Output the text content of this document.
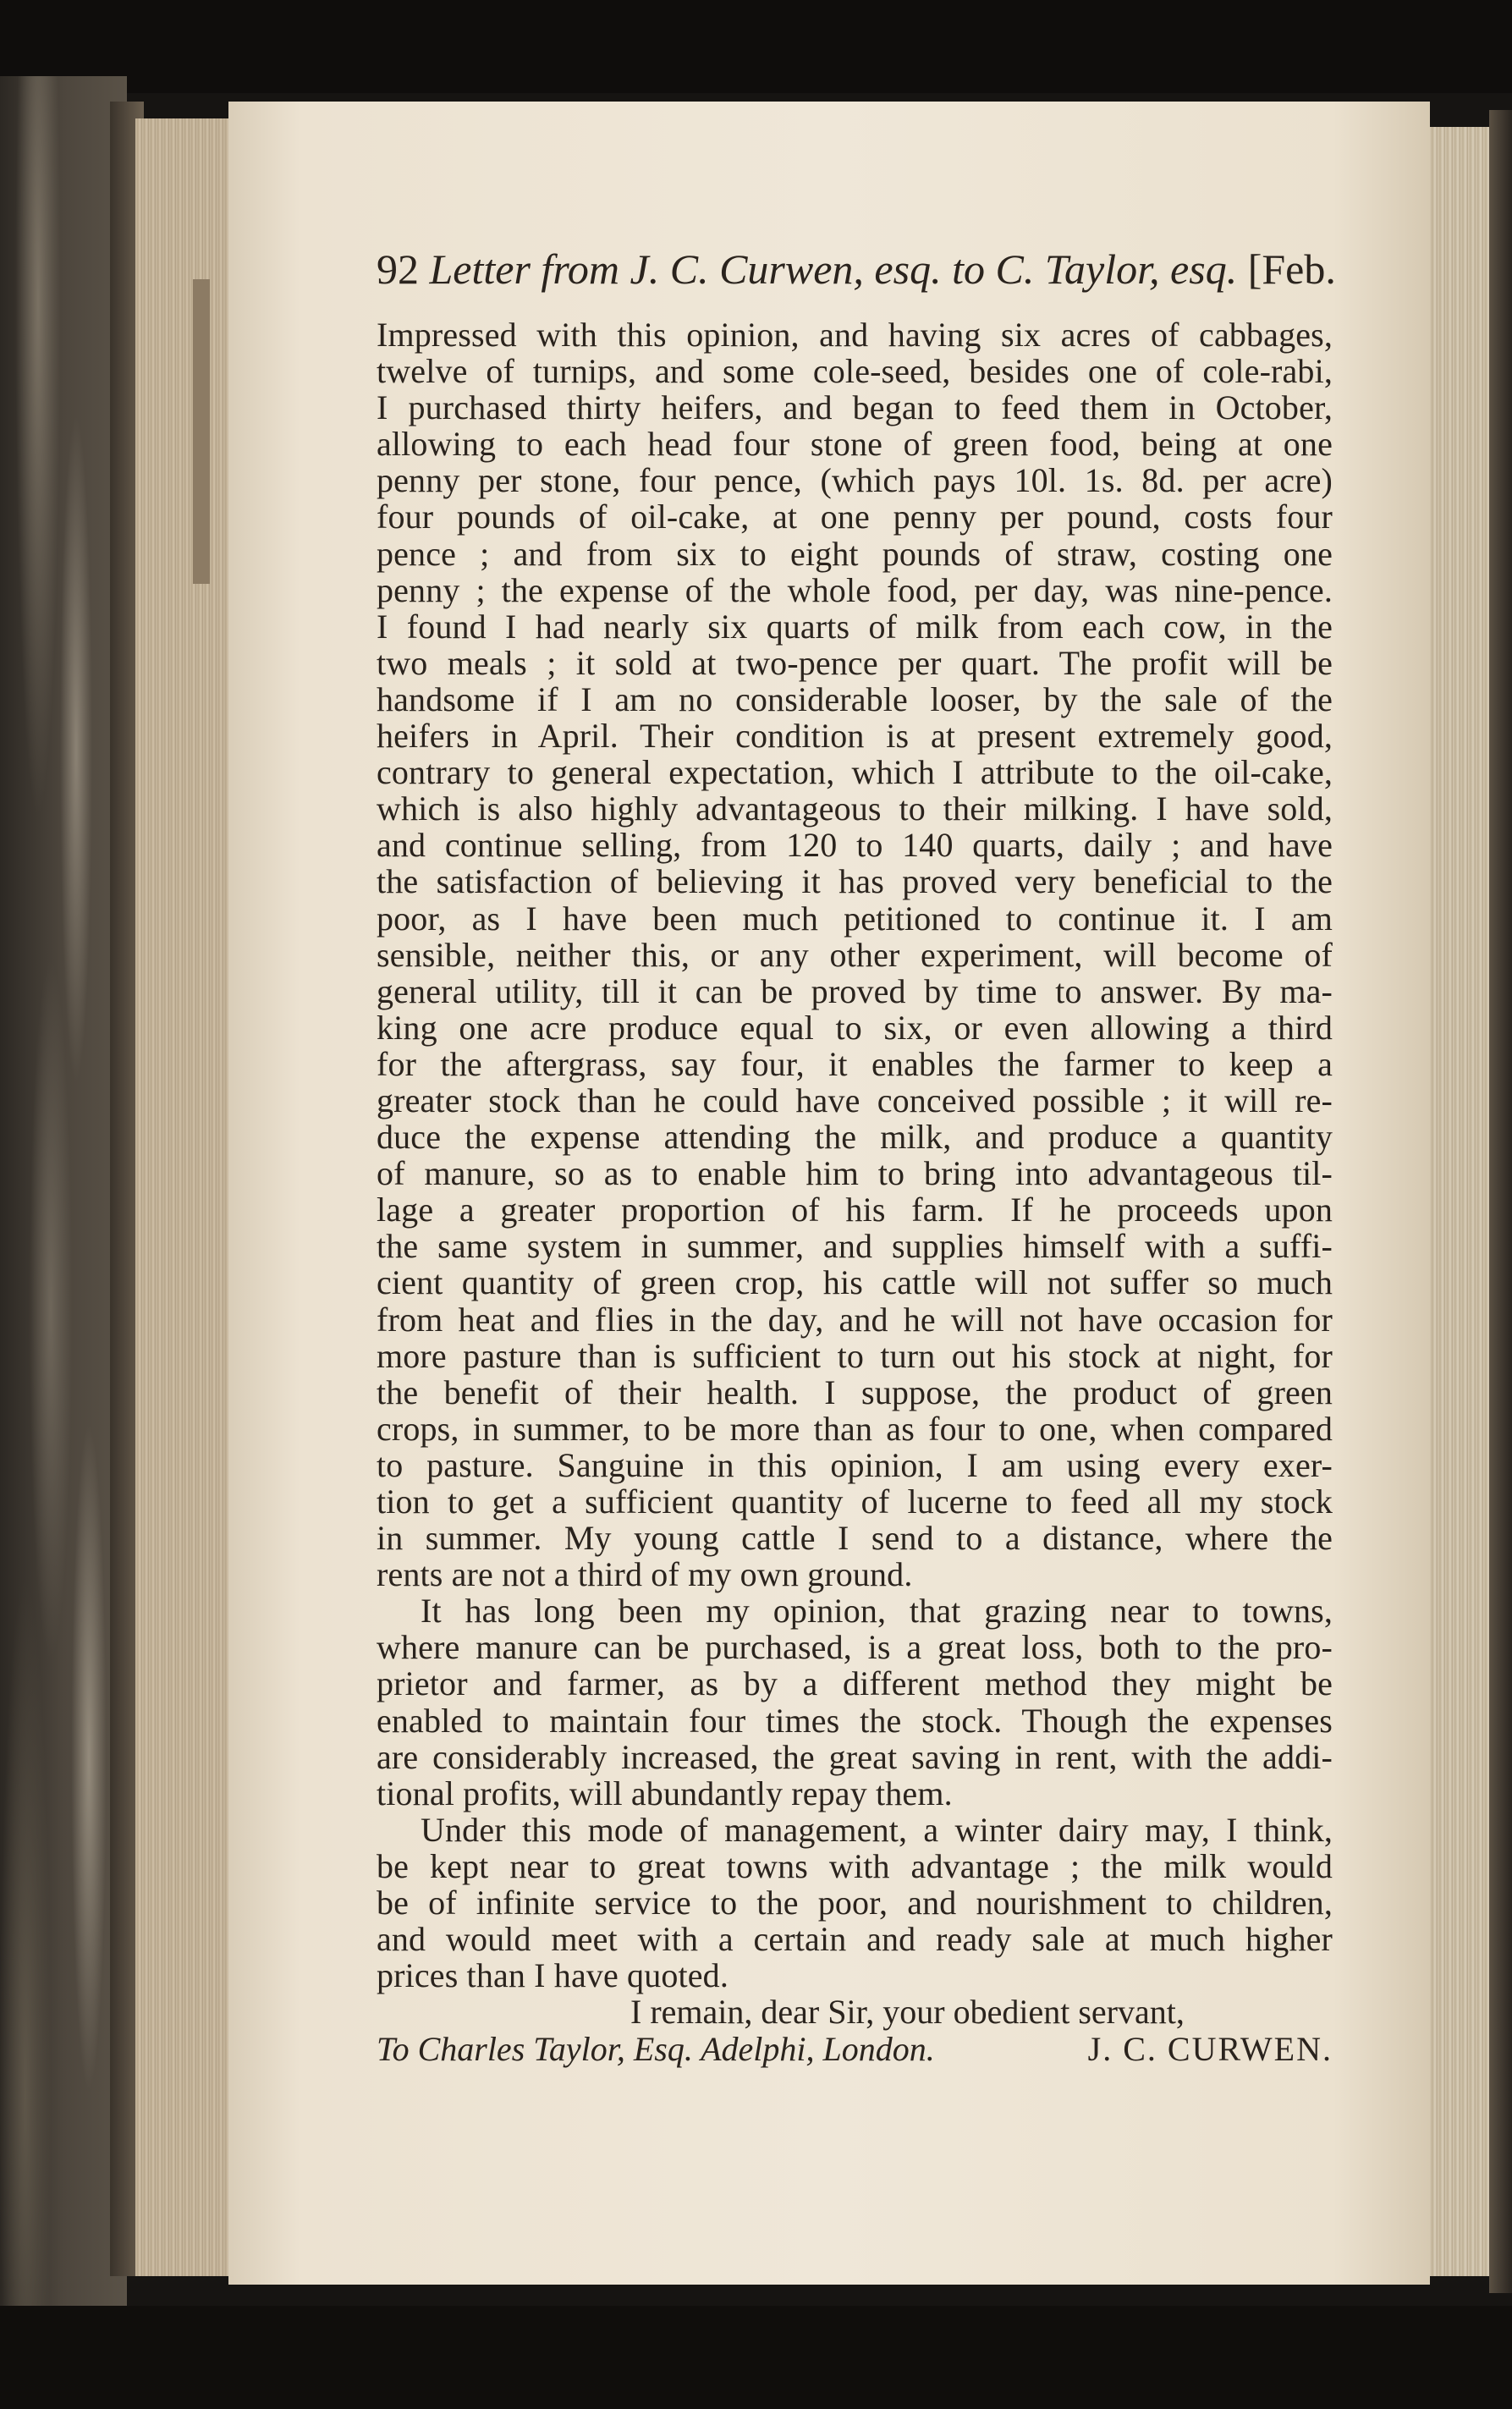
92 Letter from J. C. Curwen, esq. to C. Taylor, esq. [Feb.
Impressed with this opinion, and having six acres of cabbages,
twelve of turnips, and some cole-seed, besides one of cole-rabi,
I purchased thirty heifers, and began to feed them in October,
allowing to each head four stone of green food, being at one
penny per stone, four pence, (which pays 10l. 1s. 8d. per acre)
four pounds of oil-cake, at one penny per pound, costs four
pence ; and from six to eight pounds of straw, costing one
penny ; the expense of the whole food, per day, was nine-pence.
I found I had nearly six quarts of milk from each cow, in the
two meals ; it sold at two-pence per quart. The profit will be
handsome if I am no considerable looser, by the sale of the
heifers in April. Their condition is at present extremely good,
contrary to general expectation, which I attribute to the oil-cake,
which is also highly advantageous to their milking. I have sold,
and continue selling, from 120 to 140 quarts, daily ; and have
the satisfaction of believing it has proved very beneficial to the
poor, as I have been much petitioned to continue it. I am
sensible, neither this, or any other experiment, will become of
general utility, till it can be proved by time to answer. By ma-
king one acre produce equal to six, or even allowing a third
for the aftergrass, say four, it enables the farmer to keep a
greater stock than he could have conceived possible ; it will re-
duce the expense attending the milk, and produce a quantity
of manure, so as to enable him to bring into advantageous til-
lage a greater proportion of his farm. If he proceeds upon
the same system in summer, and supplies himself with a suffi-
cient quantity of green crop, his cattle will not suffer so much
from heat and flies in the day, and he will not have occasion for
more pasture than is sufficient to turn out his stock at night, for
the benefit of their health. I suppose, the product of green
crops, in summer, to be more than as four to one, when compared
to pasture. Sanguine in this opinion, I am using every exer-
tion to get a sufficient quantity of lucerne to feed all my stock
in summer. My young cattle I send to a distance, where the
rents are not a third of my own ground.
It has long been my opinion, that grazing near to towns,
where manure can be purchased, is a great loss, both to the pro-
prietor and farmer, as by a different method they might be
enabled to maintain four times the stock. Though the expenses
are considerably increased, the great saving in rent, with the addi-
tional profits, will abundantly repay them.
Under this mode of management, a winter dairy may, I think,
be kept near to great towns with advantage ; the milk would
be of infinite service to the poor, and nourishment to children,
and would meet with a certain and ready sale at much higher
prices than I have quoted.
I remain, dear Sir, your obedient servant,
To Charles Taylor, Esq. Adelphi, London.	J. C. CURWEN.
